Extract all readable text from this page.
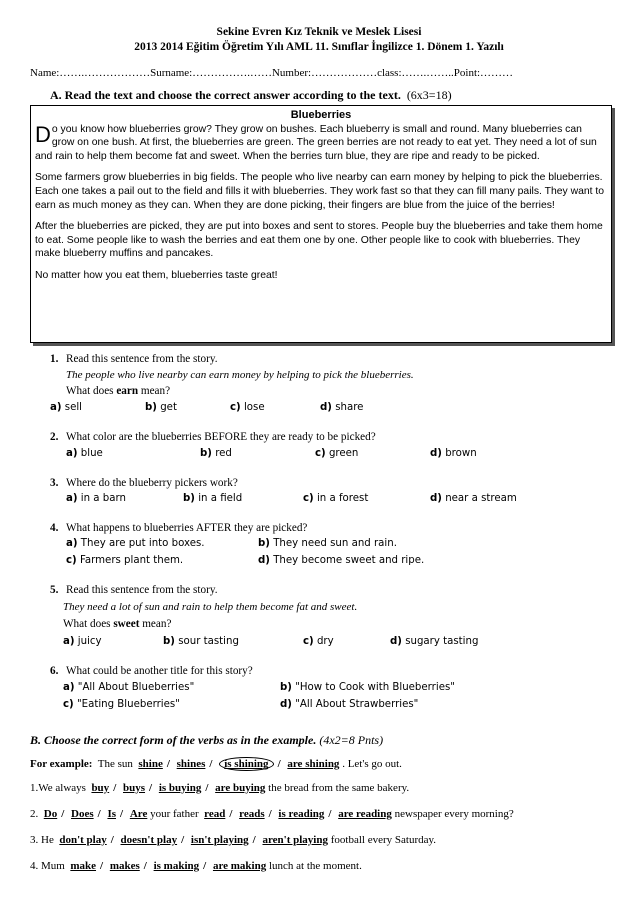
Sekine Evren Kız Teknik ve Meslek Lisesi
2013 2014 Eğitim Öğretim Yılı AML 11. Sınıflar İngilizce 1. Dönem 1. Yazılı
Name:…….………………Surname:…………….……Number:………………class:…….……..Point:………
A. Read the text and choose the correct answer according to the text. (6x3=18)
Blueberries

Do you know how blueberries grow? They grow on bushes. Each blueberry is small and round. Many blueberries can grow on one bush. At first, the blueberries are green. The green berries are not ready to eat yet. They need a lot of sun and rain to help them become fat and sweet. When the berries turn blue, they are ripe and ready to be picked.

Some farmers grow blueberries in big fields. The people who live nearby can earn money by helping to pick the blueberries. Each one takes a pail out to the field and fills it with blueberries. They work fast so that they can fill many pails. They want to earn as much money as they can. When they are done picking, their fingers are blue from the juice of the berries!

After the blueberries are picked, they are put into boxes and sent to stores. People buy the blueberries and take them home to eat. Some people like to wash the berries and eat them one by one. Other people like to cook with blueberries. They make blueberry muffins and pancakes.

No matter how you eat them, blueberries taste great!

1. Read this sentence from the story.
The people who live nearby can earn money by helping to pick the blueberries.
What does earn mean?
a) sell	b) get	c) lose	d) share
2. What color are the blueberries BEFORE they are ready to be picked?
a) blue	b) red	c) green	d) brown
3. Where do the blueberry pickers work?
a) in a barn	b) in a field	c) in a forest	d) near a stream
4. What happens to blueberries AFTER they are picked?
a) They are put into boxes.	b) They need sun and rain.
c) Farmers plant them.	d) They become sweet and ripe.
5. Read this sentence from the story.
They need a lot of sun and rain to help them become fat and sweet.
What does sweet mean?
a) juicy	b) sour tasting	c) dry	d) sugary tasting
6. What could be another title for this story?
a) "All About Blueberries"	b) "How to Cook with Blueberries"
c) "Eating Blueberries"	d) "All About Strawberries"
B. Choose the correct form of the verbs as in the example. (4x2=8 Pnts)
For example: The sun shine / shines / is shining / are shining . Let's go out.
1.We always buy / buys / is buying / are buying the bread from the same bakery.
2. Do / Does / Is / Are your father read / reads / is reading / are reading newspaper every morning?
3. He don't play / doesn't play / isn't playing / aren't playing football every Saturday.
4. Mum make / makes / is making / are making lunch at the moment.
